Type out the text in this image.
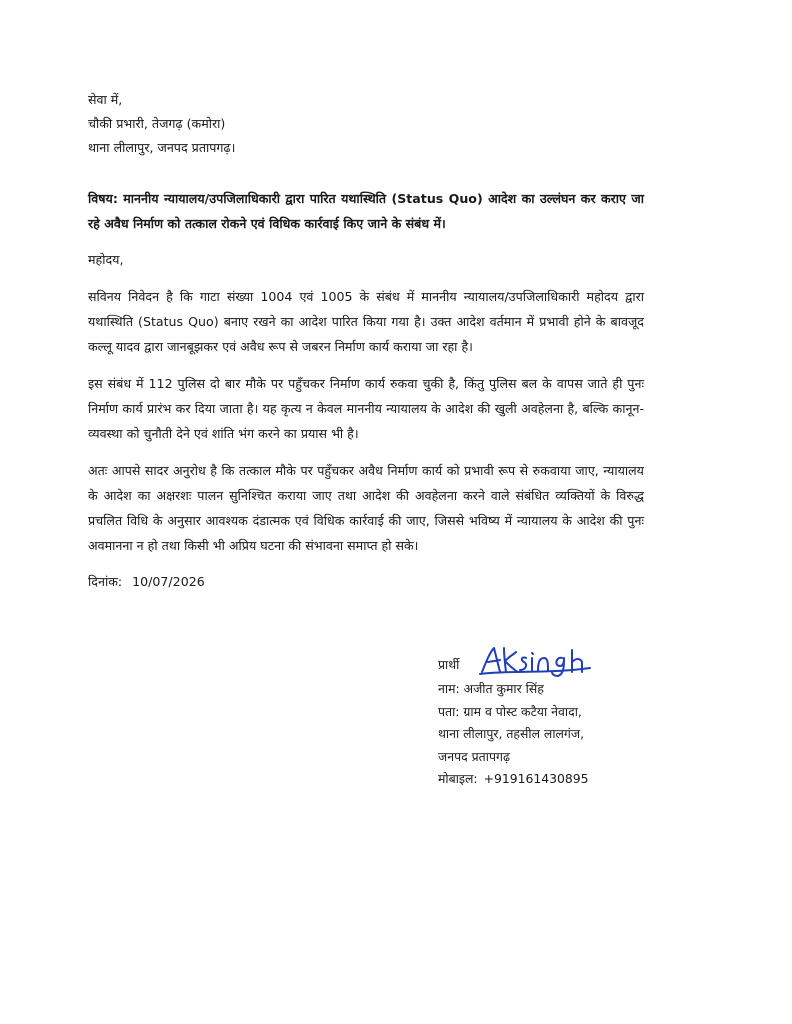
सेवा में,
चौकी प्रभारी, तेजगढ़ (कमोरा)
थाना लीलापुर, जनपद प्रतापगढ़।
विषय: माननीय न्यायालय/उपजिलाधिकारी द्वारा पारित यथास्थिति (Status Quo) आदेश का उल्लंघन कर कराए जा रहे अवैध निर्माण को तत्काल रोकने एवं विधिक कार्रवाई किए जाने के संबंध में।
महोदय,
सविनय निवेदन है कि गाटा संख्या 1004 एवं 1005 के संबंध में माननीय न्यायालय/उपजिलाधिकारी महोदय द्वारा यथास्थिति (Status Quo) बनाए रखने का आदेश पारित किया गया है। उक्त आदेश वर्तमान में प्रभावी होने के बावजूद कल्लू यादव द्वारा जानबूझकर एवं अवैध रूप से जबरन निर्माण कार्य कराया जा रहा है।
इस संबंध में 112 पुलिस दो बार मौके पर पहुँचकर निर्माण कार्य रुकवा चुकी है, किंतु पुलिस बल के वापस जाते ही पुनः निर्माण कार्य प्रारंभ कर दिया जाता है। यह कृत्य न केवल माननीय न्यायालय के आदेश की खुली अवहेलना है, बल्कि कानून-व्यवस्था को चुनौती देने एवं शांति भंग करने का प्रयास भी है।
अतः आपसे सादर अनुरोध है कि तत्काल मौके पर पहुँचकर अवैध निर्माण कार्य को प्रभावी रूप से रुकवाया जाए, न्यायालय के आदेश का अक्षरशः पालन सुनिश्चित कराया जाए तथा आदेश की अवहेलना करने वाले संबंधित व्यक्तियों के विरुद्ध प्रचलित विधि के अनुसार आवश्यक दंडात्मक एवं विधिक कार्रवाई की जाए, जिससे भविष्य में न्यायालय के आदेश की पुनः अवमानना न हो तथा किसी भी अप्रिय घटना की संभावना समाप्त हो सके।
दिनांक: 10/07/2026
प्रार्थी
नाम: अजीत कुमार सिंह
पता: ग्राम व पोस्ट कटैया नेवादा,
थाना लीलापुर, तहसील लालगंज,
जनपद प्रतापगढ़
मोबाइल: +919161430895
